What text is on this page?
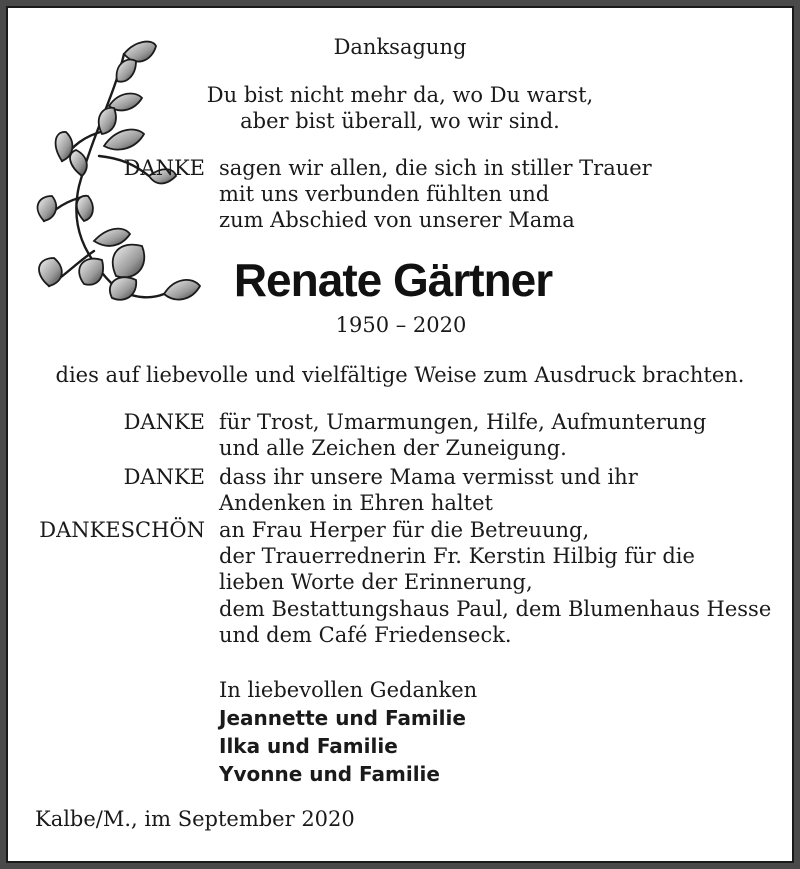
Danksagung
Du bist nicht mehr da, wo Du warst,
aber bist überall, wo wir sind.
DANKE sagen wir allen, die sich in stiller Trauer
mit uns verbunden fühlten und
zum Abschied von unserer Mama
Renate Gärtner
1950 – 2020
dies auf liebevolle und vielfältige Weise zum Ausdruck brachten.
DANKE für Trost, Umarmungen, Hilfe, Aufmunterung
und alle Zeichen der Zuneigung.
DANKE dass ihr unsere Mama vermisst und ihr
Andenken in Ehren haltet
DANKESCHÖN an Frau Herper für die Betreuung,
der Trauerrednerin Fr. Kerstin Hilbig für die
lieben Worte der Erinnerung,
dem Bestattungshaus Paul, dem Blumenhaus Hesse
und dem Café Friedenseck.
In liebevollen Gedanken
Jeannette und Familie
Ilka und Familie
Yvonne und Familie
Kalbe/M., im September 2020
